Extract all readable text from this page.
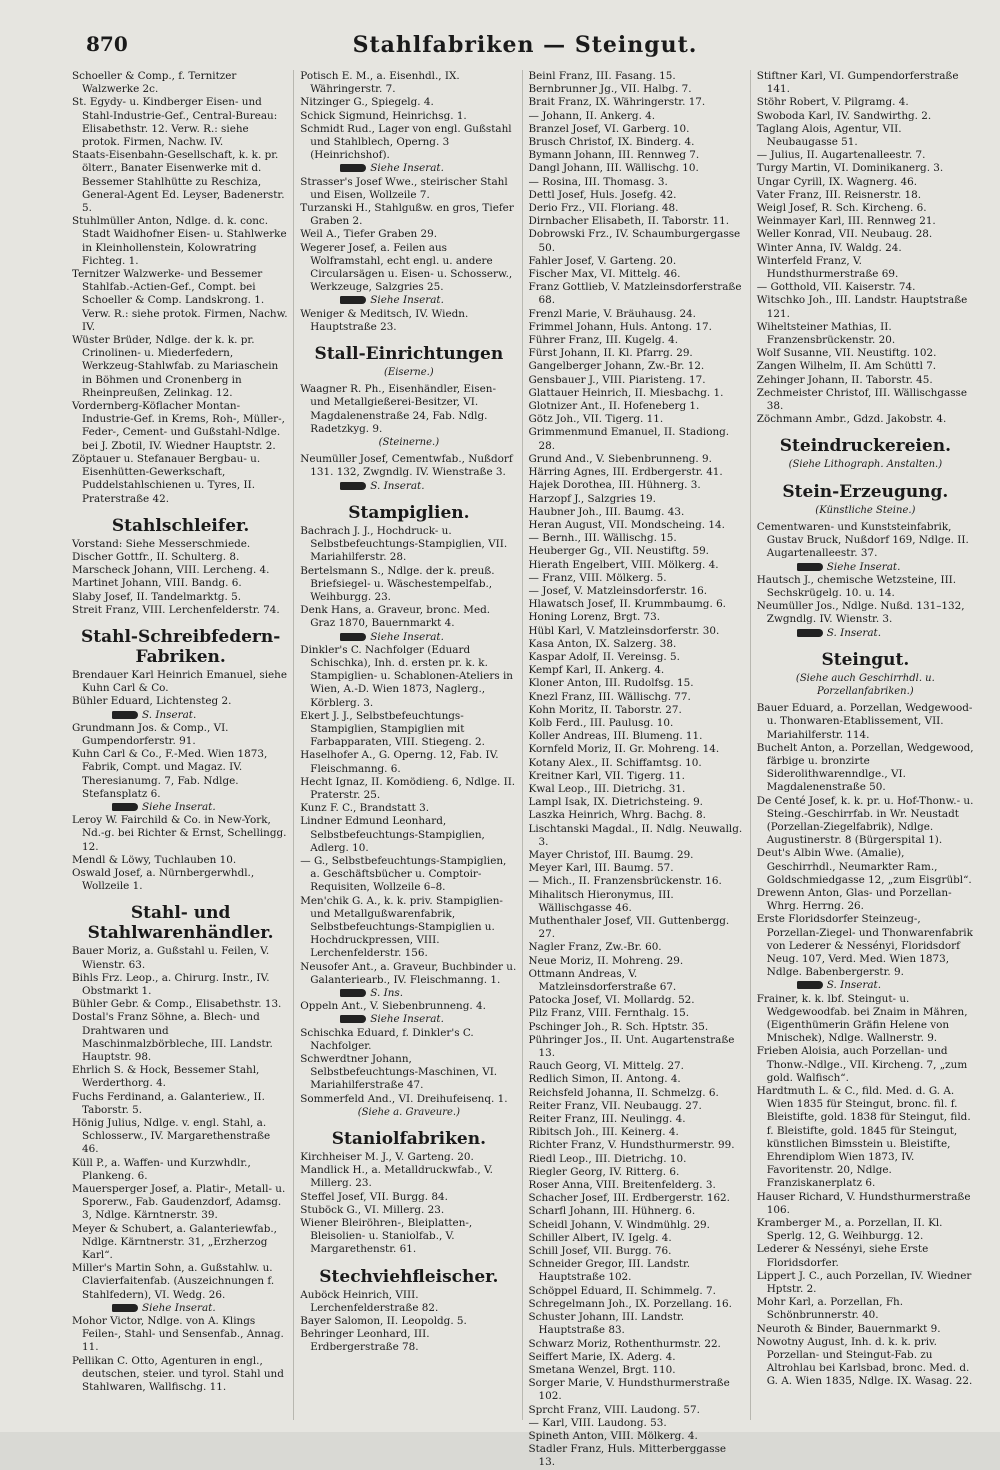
870	Stahlfabriken — Steingut.
Schoeller & Comp., f. Ternitzer Walzwerke 2c.
St. Egydy- u. Kindberger Eisen- und Stahl-Industrie-Gef., Central-Bureau: Elisabethstr. 12. Verw. R.: siehe protok. Firmen, Nachw. IV.
Staats-Eisenbahn-Gesellschaft, k. k. pr. ölterr., Banater Eisenwerke mit d. Bessemer Stahlhütte zu Reschiza, General-Agent Ed. Leyser, Badenerstr. 5.
Stuhlmüller Anton, Ndlge. d. k. conc. Stadt Waidhofner Eisen- u. Stahlwerke in Kleinhollenstein, Kolowratring Fichteg. 1.
Ternitzer Walzwerke- und Bessemer Stahlfab.-Actien-Gef., Compt. bei Schoeller & Comp. Landskrong. 1. Verw. R.: siehe protok. Firmen, Nachw. IV.
Wüster Brüder, Ndlge. der k. k. pr. Crinolinen- u. Miederfedern, Werkzeug-Stahlwfab. zu Mariaschein in Böhmen und Cronenberg in Rheinpreußen, Zelinkag. 12.
Vordernberg-Köflacher Montan-Industrie-Gef. in Krems, Roh-, Müller-, Feder-, Cement- und Gußstahl-Ndlge. bei J. Zbotil, IV. Wiedner Hauptstr. 2.
Zöptauer u. Stefanauer Bergbau- u. Eisenhütten-Gewerkschaft, Puddelstahlschienen u. Tyres, II. Praterstraße 42.
Stahlschleifer.
Vorstand: Siehe Messerschmiede.
Discher Gottfr., II. Schulterg. 8.
Marscheck Johann, VIII. Lercheng. 4.
Martinet Johann, VIII. Bandg. 6.
Slaby Josef, II. Tandelmarktg. 5.
Streit Franz, VIII. Lerchenfelderstr. 74.
Stahl-Schreibfedern-Fabriken.
Brendauer Karl Heinrich Emanuel, siehe Kuhn Carl & Co.
Bühler Eduard, Lichtensteg 2.
S. Inserat.
Grundmann Jos. & Comp., VI. Gumpendorferstr. 91.
Kuhn Carl & Co., F.-Med. Wien 1873, Fabrik, Compt. und Magaz. IV. Theresianumg. 7, Fab. Ndlge. Stefansplatz 6.
Siehe Inserat.
Leroy W. Fairchild & Co. in New-York, Nd.-g. bei Richter & Ernst, Schellingg. 12.
Mendl & Löwy, Tuchlauben 10.
Oswald Josef, a. Nürnbergerwhdl., Wollzeile 1.
Stahl- und Stahlwarenhändler.
Bauer Moriz, a. Gußstahl u. Feilen, V. Wienstr. 63.
Bihls Frz. Leop., a. Chirurg. Instr., IV. Obstmarkt 1.
Bühler Gebr. & Comp., Elisabethstr. 13.
Dostal's Franz Söhne, a. Blech- und Drahtwaren und Maschinmalzbörbleche, III. Landstr. Hauptstr. 98.
Ehrlich S. & Hock, Bessemer Stahl, Werderthorg. 4.
Fuchs Ferdinand, a. Galanteriew., II. Taborstr. 5.
Hönig Julius, Ndlge. v. engl. Stahl, a. Schlosserw., IV. Margarethenstraße 46.
Küll P., a. Waffen- und Kurzwhdlr., Plankeng. 6.
Mauersperger Josef, a. Platir-, Metall- u. Sporerw., Fab. Gaudenzdorf, Adamsg. 3, Ndlge. Kärntnerstr. 39.
Meyer & Schubert, a. Galanteriewfab., Ndlge. Kärntnerstr. 31, „Erzherzog Karl“.
Miller's Martin Sohn, a. Gußstahlw. u. Clavierfaitenfab. (Auszeichnungen f. Stahlfedern), VI. Wedg. 26.
Siehe Inserat.
Mohor Victor, Ndlge. von A. Klings Feilen-, Stahl- und Sensenfab., Annag. 11.
Pellikan C. Otto, Agenturen in engl., deutschen, steier. und tyrol. Stahl und Stahlwaren, Wallfischg. 11.
Potisch E. M., a. Eisenhdl., IX. Währingerstr. 7.
Nitzinger G., Spiegelg. 4.
Schick Sigmund, Heinrichsg. 1.
Schmidt Rud., Lager von engl. Gußstahl und Stahlblech, Operng. 3 (Heinrichshof).
Siehe Inserat.
Strasser's Josef Wwe., steirischer Stahl und Eisen, Wollzeile 7.
Turzanski H., Stahlgußw. en gros, Tiefer Graben 2.
Weil A., Tiefer Graben 29.
Wegerer Josef, a. Feilen aus Wolframstahl, echt engl. u. andere Circularsägen u. Eisen- u. Schosserw., Werkzeuge, Salzgries 25.
Siehe Inserat.
Weniger & Meditsch, IV. Wiedn. Hauptstraße 23.
Stall-Einrichtungen
(Eiserne.)
Waagner R. Ph., Eisenhändler, Eisen- und Metallgießerei-Besitzer, VI. Magdalenenstraße 24, Fab. Ndlg. Radetzkyg. 9.
(Steinerne.)
Neumüller Josef, Cementwfab., Nußdorf 131. 132, Zwgndlg. IV. Wienstraße 3.
S. Inserat.
Stampiglien.
Bachrach J. J., Hochdruck- u. Selbstbefeuchtungs-Stampiglien, VII. Mariahilferstr. 28.
Bertelsmann S., Ndlge. der k. preuß. Briefsiegel- u. Wäschestempelfab., Weihburgg. 23.
Denk Hans, a. Graveur, bronc. Med. Graz 1870, Bauernmarkt 4.
Siehe Inserat.
Dinkler's C. Nachfolger (Eduard Schischka), Inh. d. ersten pr. k. k. Stampiglien- u. Schablonen-Ateliers in Wien, A.-D. Wien 1873, Naglerg., Körblerg. 3.
Ekert J. J., Selbstbefeuchtungs-Stampiglien, Stampiglien mit Farbapparaten, VIII. Stiegeng. 2.
Haselhofer A., G. Operng. 12, Fab. IV. Fleischmanng. 6.
Hecht Ignaz, II. Komödieng. 6, Ndlge. II. Praterstr. 25.
Kunz F. C., Brandstatt 3.
Lindner Edmund Leonhard, Selbstbefeuchtungs-Stampiglien, Adlerg. 10.
— G., Selbstbefeuchtungs-Stampiglien, a. Geschäftsbücher u. Comptoir-Requisiten, Wollzeile 6–8.
Men'chik G. A., k. k. priv. Stampiglien- und Metallgußwarenfabrik, Selbstbefeuchtungs-Stampiglien u. Hochdruckpressen, VIII. Lerchenfelderstr. 156.
Neusofer Ant., a. Graveur, Buchbinder u. Galanteriearb., IV. Fleischmanng. 1.
S. Ins.
Oppeln Ant., V. Siebenbrunneng. 4.
Siehe Inserat.
Schischka Eduard, f. Dinkler's C. Nachfolger.
Schwerdtner Johann, Selbstbefeuchtungs-Maschinen, VI. Mariahilferstraße 47.
Sommerfeld And., VI. Dreihufeisenq. 1.
(Siehe a. Graveure.)
Staniolfabriken.
Kirchheiser M. J., V. Garteng. 20.
Mandlick H., a. Metalldruckwfab., V. Millerg. 23.
Steffel Josef, VII. Burgg. 84.
Stuböck G., VI. Millerg. 23.
Wiener Bleiröhren-, Bleiplatten-, Bleisolien- u. Staniolfab., V. Margarethenstr. 61.
Stechviehfleischer.
Auböck Heinrich, VIII. Lerchenfelderstraße 82.
Bayer Salomon, II. Leopoldg. 5.
Behringer Leonhard, III. Erdbergerstraße 78.
Beinl Franz, III. Fasang. 15.
Bernbrunner Jg., VII. Halbg. 7.
Brait Franz, IX. Währingerstr. 17.
— Johann, II. Ankerg. 4.
Branzel Josef, VI. Garberg. 10.
Brusch Christof, IX. Binderg. 4.
Bymann Johann, III. Rennweg 7.
Dangl Johann, III. Wällischg. 10.
— Rosina, III. Thomasg. 3.
Dettl Josef, Huls. Josefg. 42.
Derio Frz., VII. Floriang. 48.
Dirnbacher Elisabeth, II. Taborstr. 11.
Dobrowski Frz., IV. Schaumburgergasse 50.
Fahler Josef, V. Garteng. 20.
Fischer Max, VI. Mittelg. 46.
Franz Gottlieb, V. Matzleinsdorferstraße 68.
Frenzl Marie, V. Bräuhausg. 24.
Frimmel Johann, Huls. Antong. 17.
Führer Franz, III. Kugelg. 4.
Fürst Johann, II. Kl. Pfarrg. 29.
Gangelberger Johann, Zw.-Br. 12.
Gensbauer J., VIII. Piaristeng. 17.
Glattauer Heinrich, II. Miesbachg. 1.
Glotnizer Ant., II. Hofeneberg 1.
Götz Joh., VII. Tigerg. 11.
Grimmenmund Emanuel, II. Stadiong. 28.
Grund And., V. Siebenbrunneng. 9.
Härring Agnes, III. Erdbergerstr. 41.
Hajek Dorothea, III. Hühnerg. 3.
Harzopf J., Salzgries 19.
Haubner Joh., III. Baumg. 43.
Heran August, VII. Mondscheing. 14.
— Bernh., III. Wällischg. 15.
Heuberger Gg., VII. Neustiftg. 59.
Hierath Engelbert, VIII. Mölkerg. 4.
— Franz, VIII. Mölkerg. 5.
— Josef, V. Matzleinsdorferstr. 16.
Hlawatsch Josef, II. Krummbaumg. 6.
Honing Lorenz, Brgt. 73.
Hübl Karl, V. Matzleinsdorferstr. 30.
Kasa Anton, IX. Salzerg. 38.
Kaspar Adolf, II. Vereinsg. 5.
Kempf Karl, II. Ankerg. 4.
Kloner Anton, III. Rudolfsg. 15.
Knezl Franz, III. Wällischg. 77.
Kohn Moritz, II. Taborstr. 27.
Kolb Ferd., III. Paulusg. 10.
Koller Andreas, III. Blumeng. 11.
Kornfeld Moriz, II. Gr. Mohreng. 14.
Kotany Alex., II. Schiffamtsg. 10.
Kreitner Karl, VII. Tigerg. 11.
Kwal Leop., III. Dietrichg. 31.
Lampl Isak, IX. Dietrichsteing. 9.
Laszka Heinrich, Whrg. Bachg. 8.
Lischtanski Magdal., II. Ndlg. Neuwallg. 3.
Mayer Christof, III. Baumg. 29.
Meyer Karl, III. Baumg. 57.
— Mich., II. Franzensbrückenstr. 16.
Mihalitsch Hieronymus, III. Wällischgasse 46.
Muthenthaler Josef, VII. Guttenbergg. 27.
Nagler Franz, Zw.-Br. 60.
Neue Moriz, II. Mohreng. 29.
Ottmann Andreas, V. Matzleinsdorferstraße 67.
Patocka Josef, VI. Mollardg. 52.
Pilz Franz, VIII. Fernthalg. 15.
Pschinger Joh., R. Sch. Hptstr. 35.
Pühringer Jos., II. Unt. Augartenstraße 13.
Rauch Georg, VI. Mittelg. 27.
Redlich Simon, II. Antong. 4.
Reichsfeld Johanna, II. Schmelzg. 6.
Reiter Franz, VII. Neubaugg. 27.
Reiter Franz, III. Neulingg. 4.
Ribitsch Joh., III. Keinerg. 4.
Richter Franz, V. Hundsthurmerstr. 99.
Riedl Leop., III. Dietrichg. 10.
Riegler Georg, IV. Ritterg. 6.
Roser Anna, VIII. Breitenfelderg. 3.
Schacher Josef, III. Erdbergerstr. 162.
Scharfl Johann, III. Hühnerg. 6.
Scheidl Johann, V. Windmühlg. 29.
Schiller Albert, IV. Igelg. 4.
Schill Josef, VII. Burgg. 76.
Schneider Gregor, III. Landstr. Hauptstraße 102.
Schöppel Eduard, II. Schimmelg. 7.
Schregelmann Joh., IX. Porzellang. 16.
Schuster Johann, III. Landstr. Hauptstraße 83.
Schwarz Moriz, Rothenthurmstr. 22.
Seiffert Marie, IX. Aderg. 4.
Smetana Wenzel, Brgt. 110.
Sorger Marie, V. Hundsthurmerstraße 102.
Sprcht Franz, VIII. Laudong. 57.
— Karl, VIII. Laudong. 53.
Spineth Anton, VIII. Mölkerg. 4.
Stadler Franz, Huls. Mitterberggasse 13.
Stiftner Karl, VI. Gumpendorferstraße 141.
Stöhr Robert, V. Pilgramg. 4.
Swoboda Karl, IV. Sandwirthg. 2.
Taglang Alois, Agentur, VII. Neubaugasse 51.
— Julius, II. Augartenalleestr. 7.
Turgy Martin, VI. Dominikanerg. 3.
Ungar Cyrill, IX. Wagnerg. 46.
Vater Franz, III. Reisnerstr. 18.
Weigl Josef, R. Sch. Kircheng. 6.
Weinmayer Karl, III. Rennweg 21.
Weller Konrad, VII. Neubaug. 28.
Winter Anna, IV. Waldg. 24.
Winterfeld Franz, V. Hundsthurmerstraße 69.
— Gotthold, VII. Kaiserstr. 74.
Witschko Joh., III. Landstr. Hauptstraße 121.
Wiheltsteiner Mathias, II. Franzensbrückenstr. 20.
Wolf Susanne, VII. Neustiftg. 102.
Zangen Wilhelm, II. Am Schüttl 7.
Zehinger Johann, II. Taborstr. 45.
Zechmeister Christof, III. Wällischgasse 38.
Zöchmann Ambr., Gdzd. Jakobstr. 4.
Steindruckereien.
(Siehe Lithograph. Anstalten.)
Stein-Erzeugung.
(Künstliche Steine.)
Cementwaren- und Kunststeinfabrik, Gustav Bruck, Nußdorf 169, Ndlge. II. Augartenalleestr. 37.
Siehe Inserat.
Hautsch J., chemische Wetzsteine, III. Sechskrügelg. 10. u. 14.
Neumüller Jos., Ndlge. Nußd. 131–132, Zwgndlg. IV. Wienstr. 3.
S. Inserat.
Steingut.
(Siehe auch Geschirrhdl. u. Porzellanfabriken.)
Bauer Eduard, a. Porzellan, Wedgewood- u. Thonwaren-Etablissement, VII. Mariahilferstr. 114.
Buchelt Anton, a. Porzellan, Wedgewood, färbige u. bronzirte Siderolithwarenndlge., VI. Magdalenenstraße 50.
De Centé Josef, k. k. pr. u. Hof-Thonw.- u. Steing.-Geschirrfab. in Wr. Neustadt (Porzellan-Ziegelfabrik), Ndlge. Augustinerstr. 8 (Bürgerspital 1).
Deut's Albin Wwe. (Amalie), Geschirrhdl., Neumarkter Ram., Goldschmiedgasse 12, „zum Eisgrübl“.
Drewenn Anton, Glas- und Porzellan-Whrg. Herrng. 26.
Erste Floridsdorfer Steinzeug-, Porzellan-Ziegel- und Thonwarenfabrik von Lederer & Nessényi, Floridsdorf Neug. 107, Verd. Med. Wien 1873, Ndlge. Babenbergerstr. 9.
S. Inserat.
Frainer, k. k. lbf. Steingut- u. Wedgewoodfab. bei Znaim in Mähren, (Eigenthümerin Gräfin Helene von Mnischek), Ndlge. Wallnerstr. 9.
Frieben Aloisia, auch Porzellan- und Thonw.-Ndlge., VII. Kircheng. 7, „zum gold. Walfisch“.
Hardtmuth L. & C., fild. Med. d. G. A. Wien 1835 für Steingut, bronc. fil. f. Bleistifte, gold. 1838 für Steingut, fild. f. Bleistifte, gold. 1845 für Steingut, künstlichen Bimsstein u. Bleistifte, Ehrendiplom Wien 1873, IV. Favoritenstr. 20, Ndlge. Franziskanerplatz 6.
Hauser Richard, V. Hundsthurmerstraße 106.
Kramberger M., a. Porzellan, II. Kl. Sperlg. 12, G. Weihburgg. 12.
Lederer & Nessényi, siehe Erste Floridsdorfer.
Lippert J. C., auch Porzellan, IV. Wiedner Hptstr. 2.
Mohr Karl, a. Porzellan, Fh. Schönbrunnerstr. 40.
Neuroth & Binder, Bauernmarkt 9.
Nowotny August, Inh. d. k. k. priv. Porzellan- und Steingut-Fab. zu Altrohlau bei Karlsbad, bronc. Med. d. G. A. Wien 1835, Ndlge. IX. Wasag. 22.
